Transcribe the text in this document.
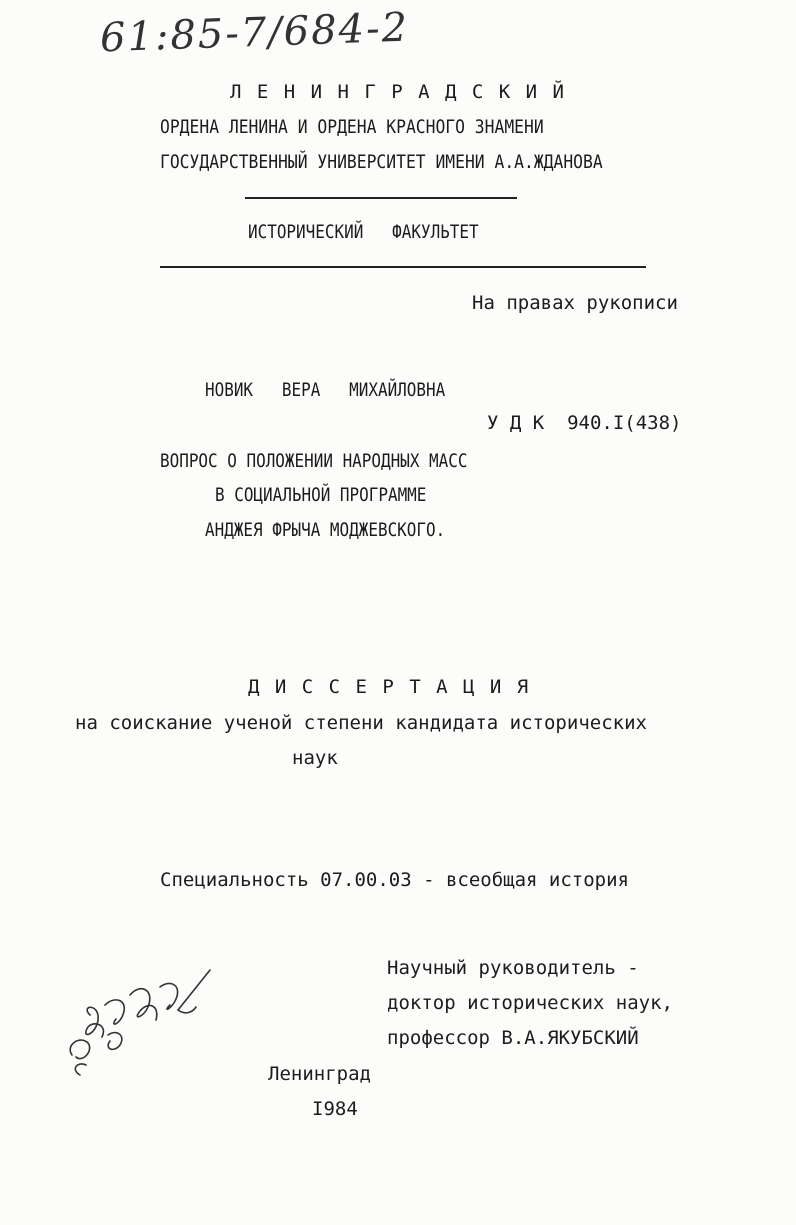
61:85-7/684-2
Л Е Н И Н Г Р А Д С К И Й
ОРДЕНА ЛЕНИНА И ОРДЕНА КРАСНОГО ЗНАМЕНИ
ГОСУДАРСТВЕННЫЙ УНИВЕРСИТЕТ ИМЕНИ А.А.ЖДАНОВА
ИСТОРИЧЕСКИЙ   ФАКУЛЬТЕТ
На правах рукописи
НОВИК   ВЕРА   МИХАЙЛОВНА
У Д К  940.I(438)
ВОПРОС О ПОЛОЖЕНИИ НАРОДНЫХ МАСС
В СОЦИАЛЬНОЙ ПРОГРАММЕ
АНДЖЕЯ ФРЫЧА МОДЖЕВСКОГО.
Д И С С Е Р Т А Ц И Я
на соискание ученой степени кандидата исторических
наук
Специальность 07.00.03 - всеобщая история
Научный руководитель -
доктор исторических наук,
профессор В.А.ЯКУБСКИЙ
Ленинград
I984
